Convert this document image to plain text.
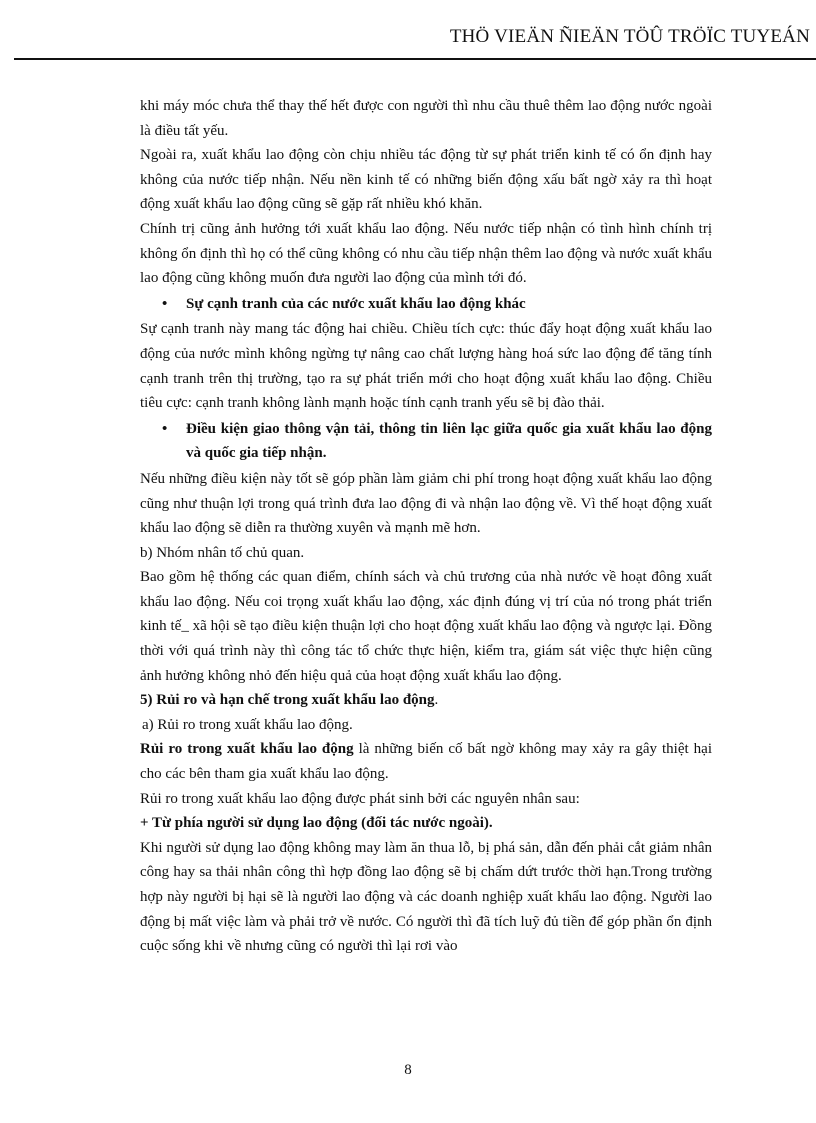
THÖ VIEÄN ÑIEÄN TÖÛ TRÖÏC TUYEÁN

khi máy móc chưa thể thay thế hết được con người thì nhu cầu thuê thêm lao động nước ngoài là điều tất yếu.

Ngoài ra, xuất khẩu lao động còn chịu nhiều tác động từ sự phát triển kinh tế có ổn định hay không của nước tiếp nhận. Nếu nền kinh tế có những biến động xấu bất ngờ xảy ra thì hoạt động xuất khẩu lao động cũng sẽ gặp rất nhiều khó khăn.

Chính trị cũng ảnh hưởng tới xuất khẩu lao động. Nếu nước tiếp nhận có tình hình chính trị không ổn định thì họ có thể cũng không có nhu cầu tiếp nhận thêm lao động và nước xuất khẩu lao động cũng không muốn đưa người lao động của mình tới đó.

•	Sự cạnh tranh của các nước xuất khẩu lao động khác

Sự cạnh tranh này mang tác động hai chiều. Chiều tích cực: thúc đẩy hoạt động xuất khẩu lao động của nước mình không ngừng tự nâng cao chất lượng hàng hoá sức lao động để tăng tính cạnh tranh trên thị trường, tạo ra sự phát triển mới cho hoạt động xuất khẩu lao động. Chiều tiêu cực: cạnh tranh không lành mạnh hoặc tính cạnh tranh yếu sẽ bị đào thải.

•	Điều kiện giao thông vận tải, thông tin liên lạc giữa quốc gia xuất khẩu lao động và quốc gia tiếp nhận.

Nếu những điều kiện này tốt sẽ góp phần làm giảm chi phí trong hoạt động xuất khẩu lao động cũng như thuận lợi trong quá trình đưa lao động đi và nhận lao động về. Vì thế hoạt động xuất khẩu lao động sẽ diễn ra thường xuyên và mạnh mẽ hơn.

b) Nhóm nhân tố chủ quan.

Bao gồm hệ thống các quan điểm, chính sách và chủ trương của nhà nước về hoạt đông xuất khẩu lao động. Nếu coi trọng xuất khẩu lao động, xác định đúng vị trí của nó trong phát triển kinh tế_ xã hội sẽ tạo điều kiện thuận lợi cho hoạt động xuất khẩu lao động và ngược lại. Đồng thời với quá trình này thì công tác tổ chức thực hiện, kiểm tra, giám sát việc thực hiện cũng ảnh hưởng không nhỏ đến hiệu quả của hoạt động xuất khẩu lao động.

5) Rủi ro và hạn chế trong xuất khẩu lao động.

a) Rủi ro trong xuất khẩu lao động.

Rủi ro trong xuất khẩu lao động là những biến cố bất ngờ không may xảy ra gây thiệt hại cho các bên tham gia xuất khẩu lao động.

Rủi ro trong xuất khẩu lao động được phát sinh bởi các nguyên nhân sau:

+ Từ phía người sử dụng lao động (đối tác nước ngoài).

Khi người sử dụng lao động không may làm ăn thua lỗ, bị phá sản, dẫn đến phải cắt giảm nhân công hay sa thải nhân công thì hợp đồng lao động sẽ bị chấm dứt trước thời hạn.Trong trường hợp này người bị hại sẽ là người lao động và các doanh nghiệp xuất khẩu lao động. Người lao động bị mất việc làm và phải trở về nước. Có người thì đã tích luỹ đủ tiền để góp phần ổn định cuộc sống khi về nhưng cũng có người thì lại rơi vào

8
